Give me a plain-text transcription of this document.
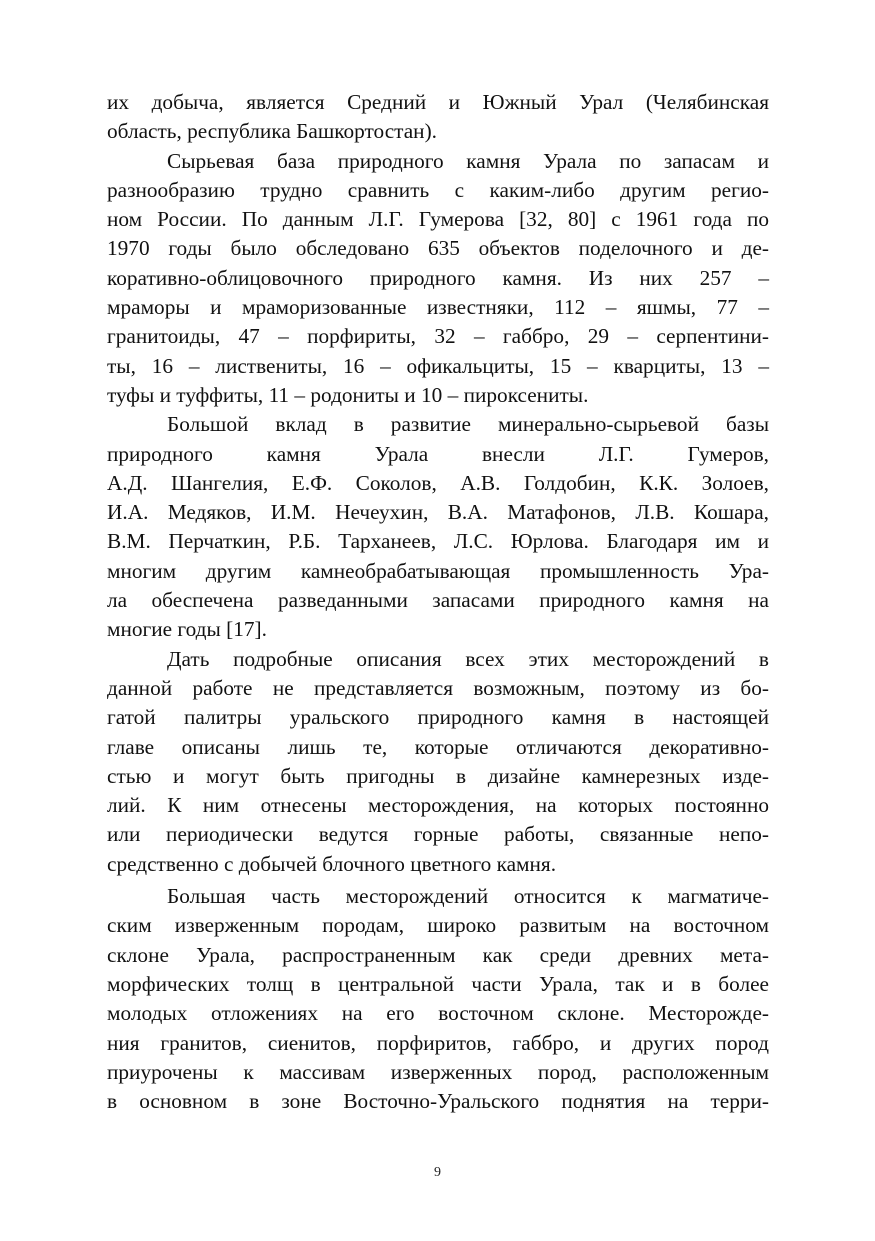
их добыча, является Средний и Южный Урал (Челябинская
область, республика Башкортостан).
Сырьевая база природного камня Урала по запасам и
разнообразию трудно сравнить с каким-либо другим регио-
ном России. По данным Л.Г. Гумерова [32, 80] с 1961 года по
1970 годы было обследовано 635 объектов поделочного и де-
коративно-облицовочного природного камня. Из них 257 –
мраморы и мраморизованные известняки, 112 – яшмы, 77 –
гранитоиды, 47 – порфириты, 32 – габбро, 29 – серпентини-
ты, 16 – листвениты, 16 – офикальциты, 15 – кварциты, 13 –
туфы и туффиты, 11 – родониты и 10 – пироксениты.
Большой вклад в развитие минерально-сырьевой базы
природного камня Урала внесли Л.Г. Гумеров,
А.Д. Шангелия, Е.Ф. Соколов, А.В. Голдобин, К.К. Золоев,
И.А. Медяков, И.М. Нечеухин, В.А. Матафонов, Л.В. Кошара,
В.М. Перчаткин, Р.Б. Тарханеев, Л.С. Юрлова. Благодаря им и
многим другим камнеобрабатывающая промышленность Ура-
ла обеспечена разведанными запасами природного камня на
многие годы [17].
Дать подробные описания всех этих месторождений в
данной работе не представляется возможным, поэтому из бо-
гатой палитры уральского природного камня в настоящей
главе описаны лишь те, которые отличаются декоративно-
стью и могут быть пригодны в дизайне камнерезных изде-
лий. К ним отнесены месторождения, на которых постоянно
или периодически ведутся горные работы, связанные непо-
средственно с добычей блочного цветного камня.
Большая часть месторождений относится к магматиче-
ским изверженным породам, широко развитым на восточном
склоне Урала, распространенным как среди древних мета-
морфических толщ в центральной части Урала, так и в более
молодых отложениях на его восточном склоне. Месторожде-
ния гранитов, сиенитов, порфиритов, габбро, и других пород
приурочены к массивам изверженных пород, расположенным
в основном в зоне Восточно-Уральского поднятия на терри-
9
